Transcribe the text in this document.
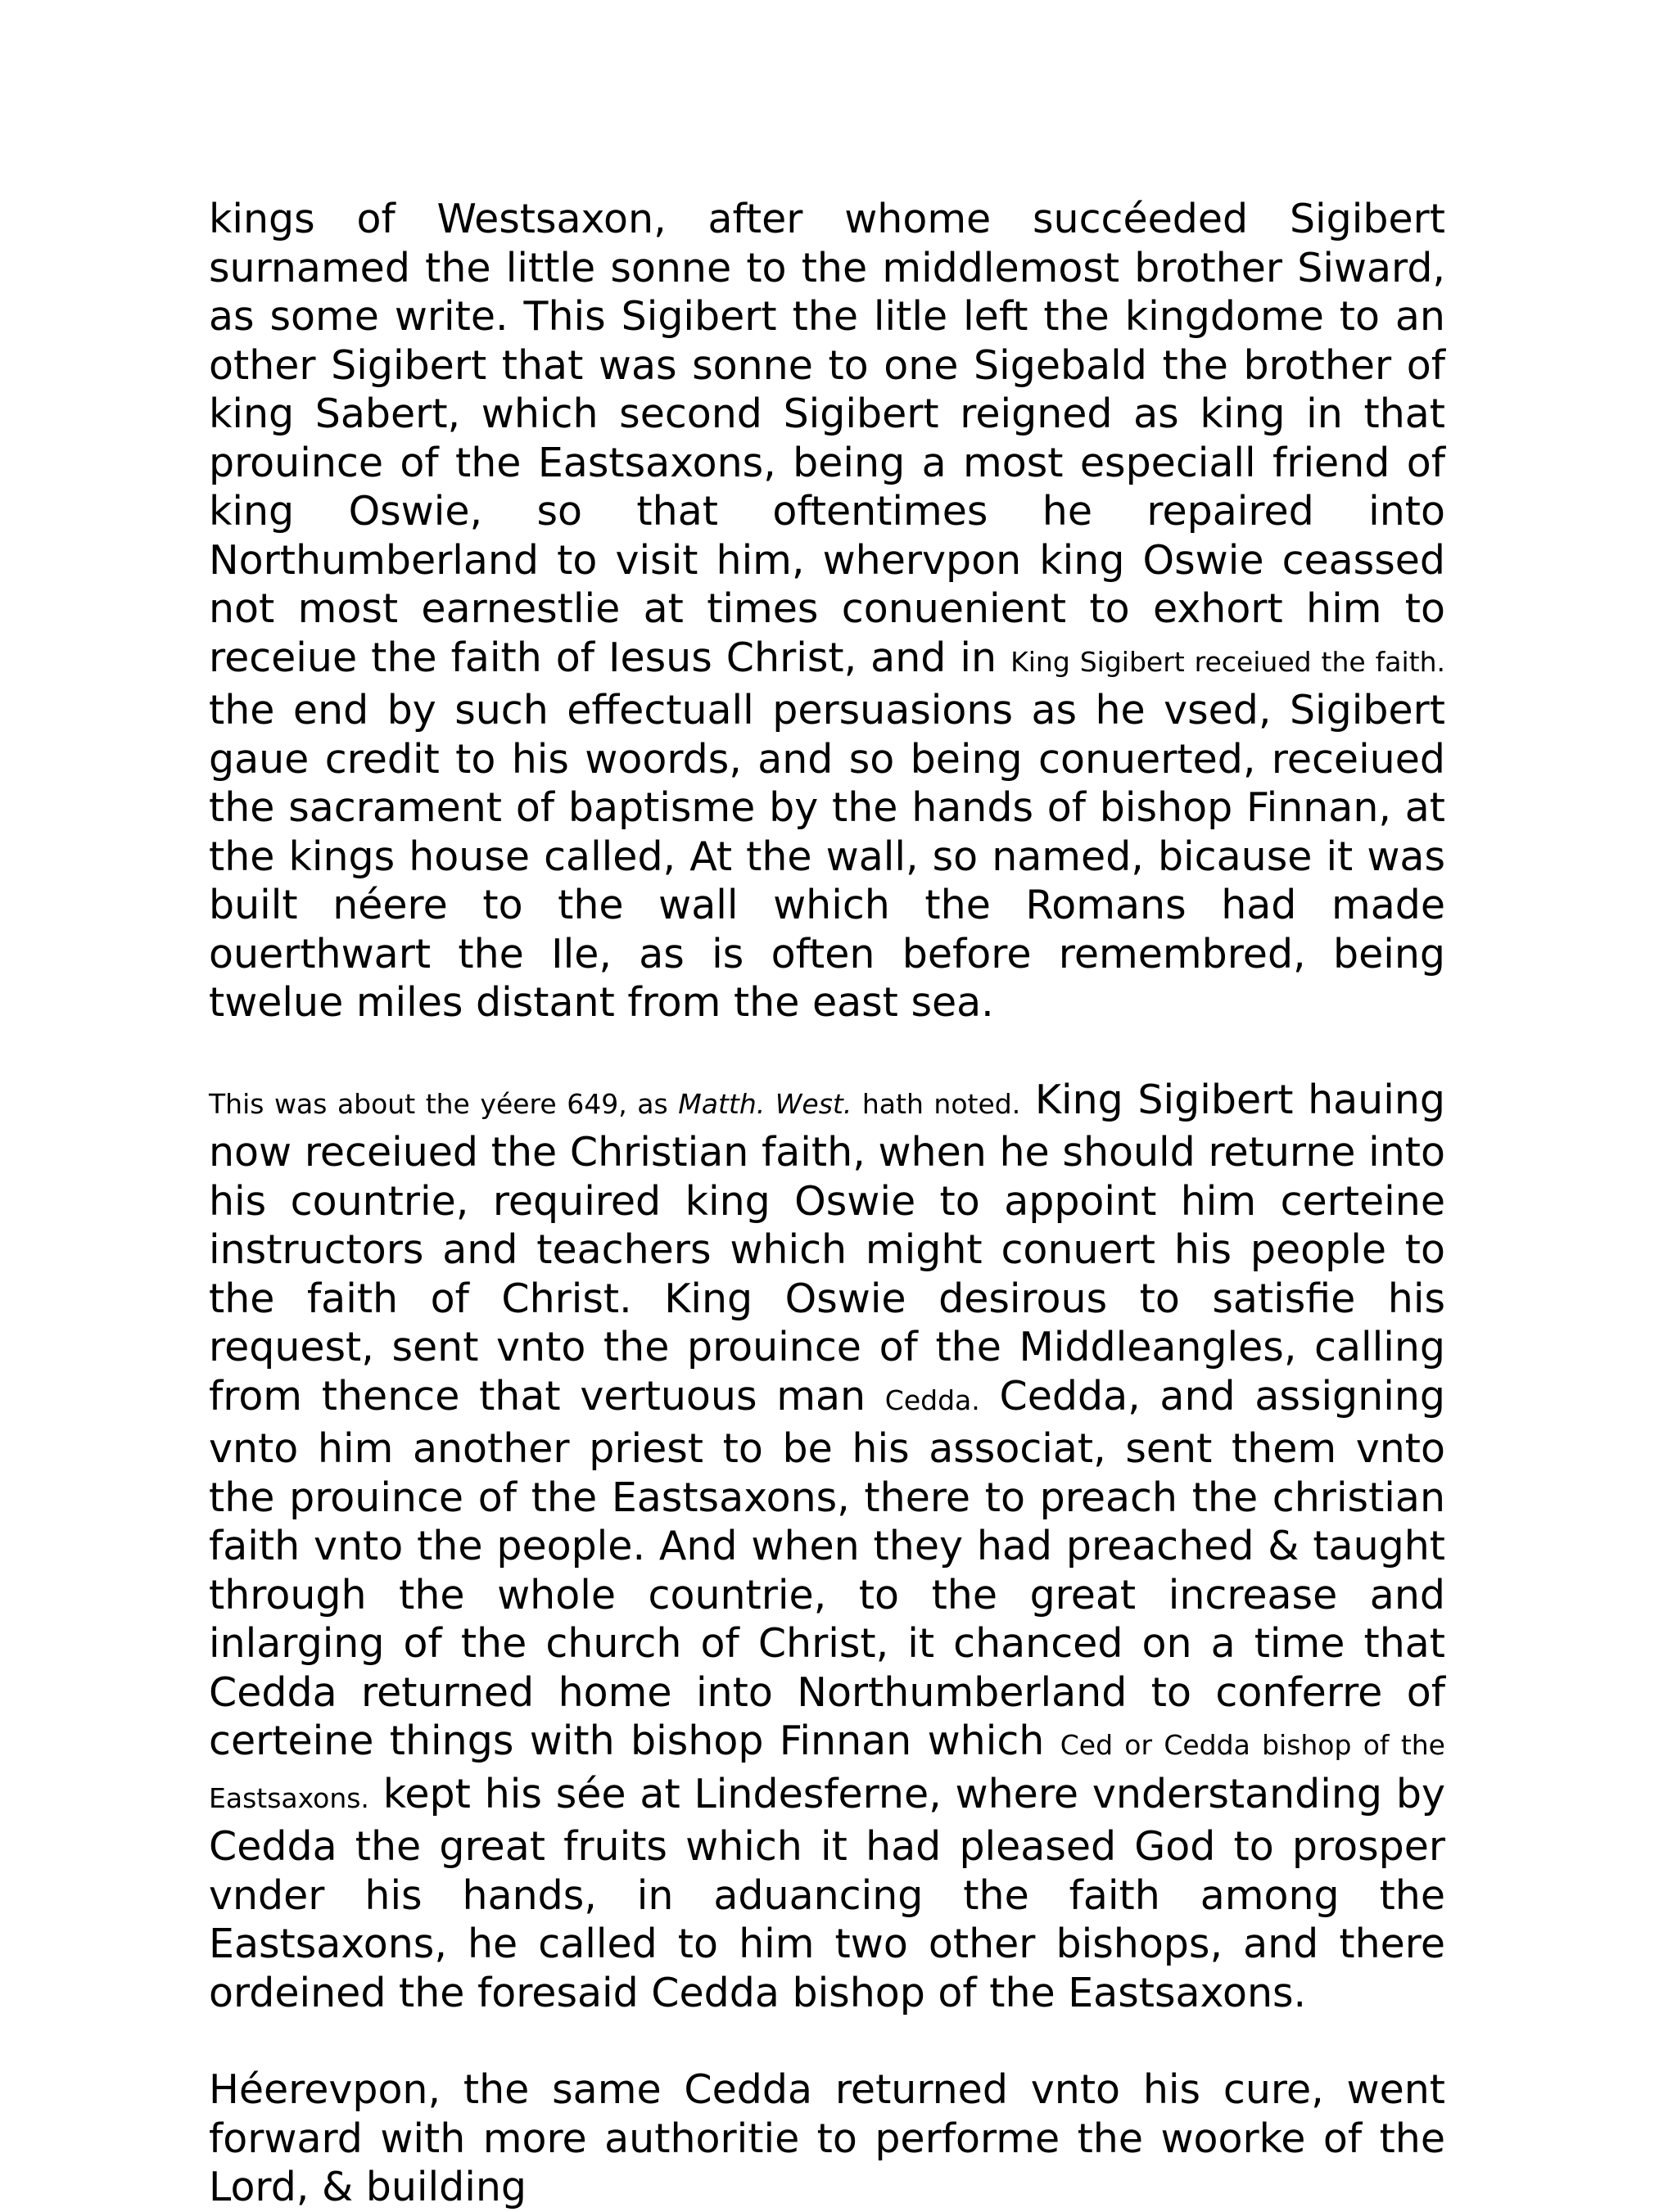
kings of Westsaxon, after whome succéeded Sigibert surnamed the little sonne to the middlemost brother Siward, as some write. This Sigibert the litle left the kingdome to an other Sigibert that was sonne to one Sigebald the brother of king Sabert, which second Sigibert reigned as king in that prouince of the Eastsaxons, being a most especiall friend of king Oswie, so that oftentimes he repaired into Northumberland to visit him, whervpon king Oswie ceassed not most earnestlie at times conuenient to exhort him to receiue the faith of Iesus Christ, and in King Sigibert receiued the faith. the end by such effectuall persuasions as he vsed, Sigibert gaue credit to his woords, and so being conuerted, receiued the sacrament of baptisme by the hands of bishop Finnan, at the kings house called, At the wall, so named, bicause it was built néere to the wall which the Romans had made ouerthwart the Ile, as is often before remembred, being twelue miles distant from the east sea.

This was about the yéere 649, as Matth. West. hath noted. King Sigibert hauing now receiued the Christian faith, when he should returne into his countrie, required king Oswie to appoint him certeine instructors and teachers which might conuert his people to the faith of Christ. King Oswie desirous to satisfie his request, sent vnto the prouince of the Middleangles, calling from thence that vertuous man Cedda. Cedda, and assigning vnto him another priest to be his associat, sent them vnto the prouince of the Eastsaxons, there to preach the christian faith vnto the people. And when they had preached & taught through the whole countrie, to the great increase and inlarging of the church of Christ, it chanced on a time that Cedda returned home into Northumberland to conferre of certeine things with bishop Finnan which Ced or Cedda bishop of the Eastsaxons. kept his sée at Lindesferne, where vnderstanding by Cedda the great fruits which it had pleased God to prosper vnder his hands, in aduancing the faith among the Eastsaxons, he called to him two other bishops, and there ordeined the foresaid Cedda bishop of the Eastsaxons.

Héerevpon, the same Cedda returned vnto his cure, went forward with more authoritie to performe the woorke of the Lord, & building
